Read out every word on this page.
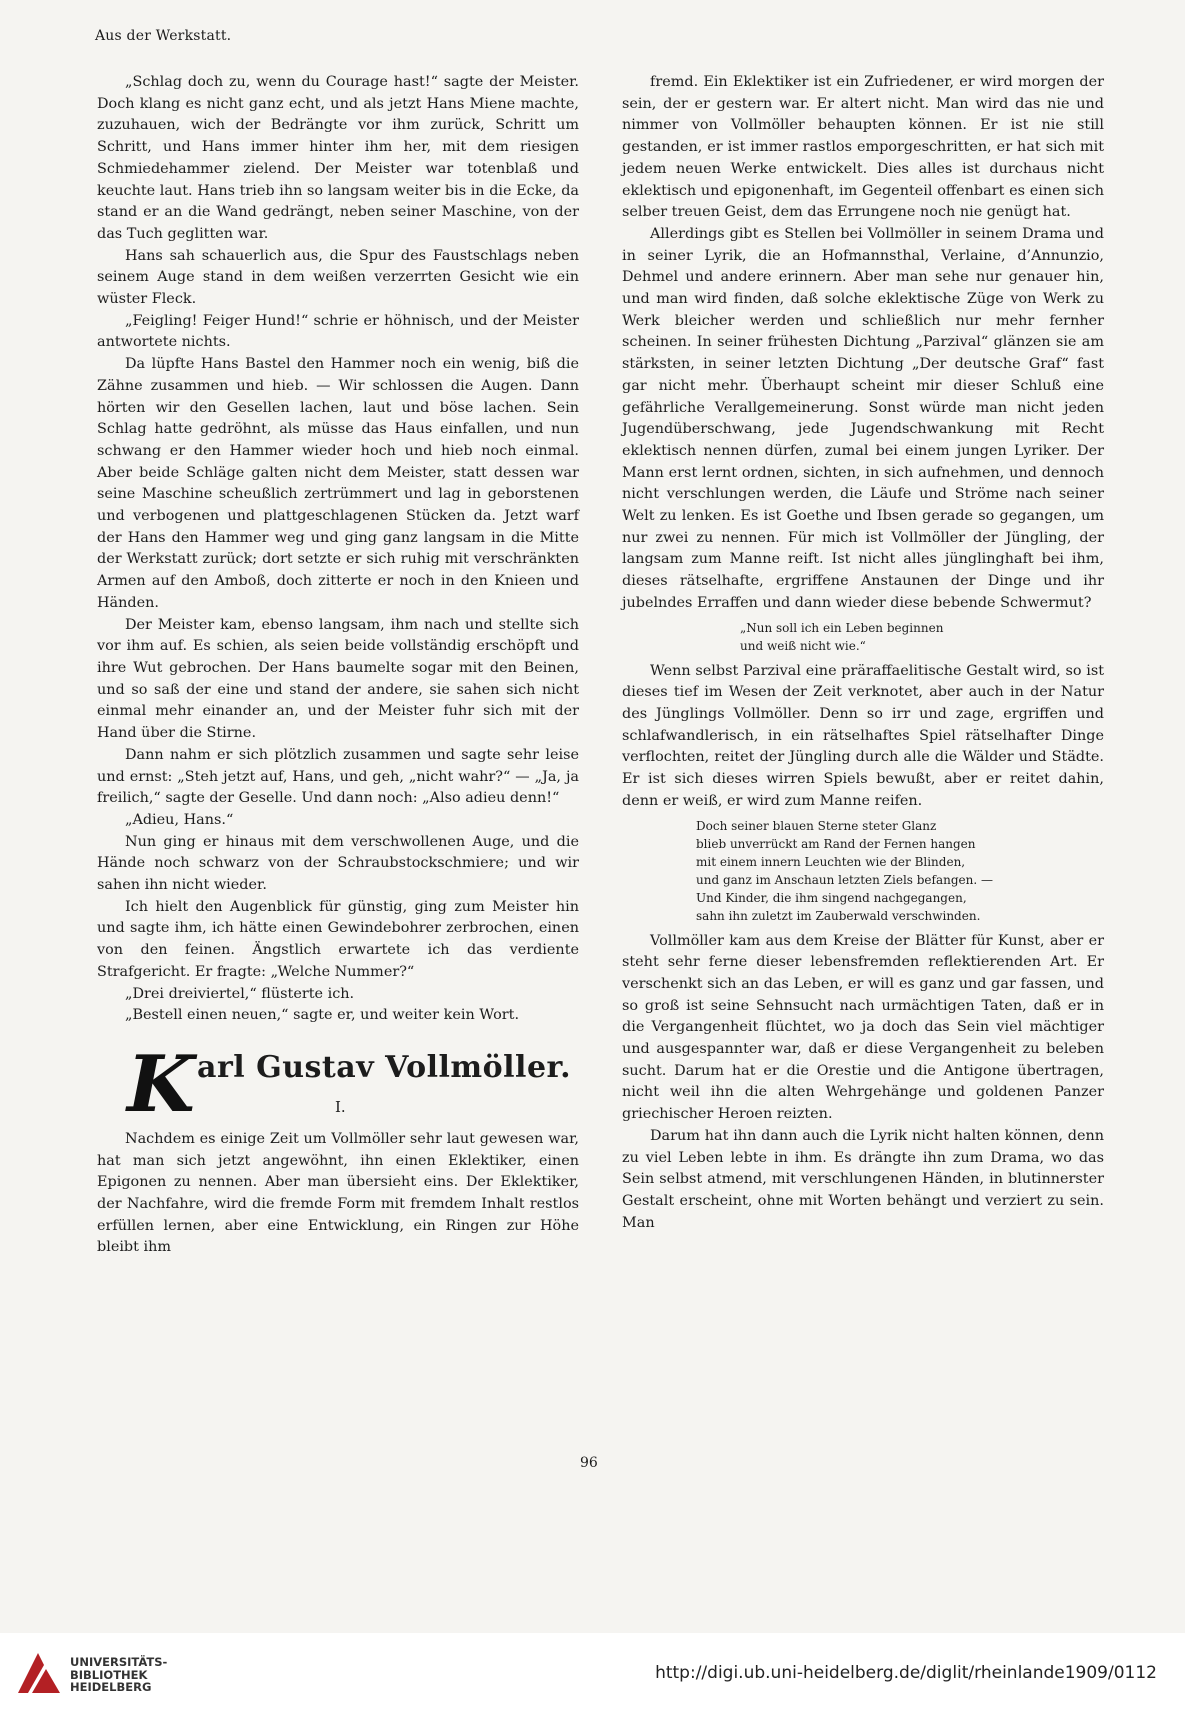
Aus der Werkstatt.

„Schlag doch zu, wenn du Courage hast!“ sagte der Meister. Doch klang es nicht ganz echt, und als jetzt Hans Miene machte, zuzuhauen, wich der Bedrängte vor ihm zurück, Schritt um Schritt, und Hans immer hinter ihm her, mit dem riesigen Schmiedehammer zielend. Der Meister war totenblaß und keuchte laut. Hans trieb ihn so langsam weiter bis in die Ecke, da stand er an die Wand gedrängt, neben seiner Maschine, von der das Tuch geglitten war.

Hans sah schauerlich aus, die Spur des Faustschlags neben seinem Auge stand in dem weißen verzerrten Gesicht wie ein wüster Fleck.

„Feigling! Feiger Hund!“ schrie er höhnisch, und der Meister antwortete nichts.

Da lüpfte Hans Bastel den Hammer noch ein wenig, biß die Zähne zusammen und hieb. — Wir schlossen die Augen. Dann hörten wir den Gesellen lachen, laut und böse lachen. Sein Schlag hatte gedröhnt, als müsse das Haus einfallen, und nun schwang er den Hammer wieder hoch und hieb noch einmal. Aber beide Schläge galten nicht dem Meister, statt dessen war seine Maschine scheußlich zertrümmert und lag in geborstenen und verbogenen und plattgeschlagenen Stücken da. Jetzt warf der Hans den Hammer weg und ging ganz langsam in die Mitte der Werkstatt zurück; dort setzte er sich ruhig mit verschränkten Armen auf den Amboß, doch zitterte er noch in den Knieen und Händen.

Der Meister kam, ebenso langsam, ihm nach und stellte sich vor ihm auf. Es schien, als seien beide vollständig erschöpft und ihre Wut gebrochen. Der Hans baumelte sogar mit den Beinen, und so saß der eine und stand der andere, sie sahen sich nicht einmal mehr einander an, und der Meister fuhr sich mit der Hand über die Stirne.

Dann nahm er sich plötzlich zusammen und sagte sehr leise und ernst: „Steh jetzt auf, Hans, und geh, „nicht wahr?“ — „Ja, ja freilich,“ sagte der Geselle. Und dann noch: „Also adieu denn!“

„Adieu, Hans.“

Nun ging er hinaus mit dem verschwollenen Auge, und die Hände noch schwarz von der Schraubstockschmiere; und wir sahen ihn nicht wieder.

Ich hielt den Augenblick für günstig, ging zum Meister hin und sagte ihm, ich hätte einen Gewindebohrer zerbrochen, einen von den feinen. Ängstlich erwartete ich das verdiente Strafgericht. Er fragte: „Welche Nummer?“

„Drei dreiviertel,“ flüsterte ich.

„Bestell einen neuen,“ sagte er, und weiter kein Wort.

K arl Gustav Vollmöller.
I.

Nachdem es einige Zeit um Vollmöller sehr laut gewesen war, hat man sich jetzt angewöhnt, ihn einen Eklektiker, einen Epigonen zu nennen. Aber man übersieht eins. Der Eklektiker, der Nachfahre, wird die fremde Form mit fremdem Inhalt restlos erfüllen lernen, aber eine Entwicklung, ein Ringen zur Höhe bleibt ihm

fremd. Ein Eklektiker ist ein Zufriedener, er wird morgen der sein, der er gestern war. Er altert nicht. Man wird das nie und nimmer von Vollmöller behaupten können. Er ist nie still gestanden, er ist immer rastlos emporgeschritten, er hat sich mit jedem neuen Werke entwickelt. Dies alles ist durchaus nicht eklektisch und epigonenhaft, im Gegenteil offenbart es einen sich selber treuen Geist, dem das Errungene noch nie genügt hat.

Allerdings gibt es Stellen bei Vollmöller in seinem Drama und in seiner Lyrik, die an Hofmannsthal, Verlaine, d’Annunzio, Dehmel und andere erinnern. Aber man sehe nur genauer hin, und man wird finden, daß solche eklektische Züge von Werk zu Werk bleicher werden und schließlich nur mehr fernher scheinen. In seiner frühesten Dichtung „Parzival“ glänzen sie am stärksten, in seiner letzten Dichtung „Der deutsche Graf“ fast gar nicht mehr. Überhaupt scheint mir dieser Schluß eine gefährliche Verallgemeinerung. Sonst würde man nicht jeden Jugendüberschwang, jede Jugendschwankung mit Recht eklektisch nennen dürfen, zumal bei einem jungen Lyriker. Der Mann erst lernt ordnen, sichten, in sich aufnehmen, und dennoch nicht verschlungen werden, die Läufe und Ströme nach seiner Welt zu lenken. Es ist Goethe und Ibsen gerade so gegangen, um nur zwei zu nennen. Für mich ist Vollmöller der Jüngling, der langsam zum Manne reift. Ist nicht alles jünglinghaft bei ihm, dieses rätselhafte, ergriffene Anstaunen der Dinge und ihr jubelndes Erraffen und dann wieder diese bebende Schwermut?

„Nun soll ich ein Leben beginnen
und weiß nicht wie.“

Wenn selbst Parzival eine präraffaelitische Gestalt wird, so ist dieses tief im Wesen der Zeit verknotet, aber auch in der Natur des Jünglings Vollmöller. Denn so irr und zage, ergriffen und schlafwandlerisch, in ein rätselhaftes Spiel rätselhafter Dinge verflochten, reitet der Jüngling durch alle die Wälder und Städte. Er ist sich dieses wirren Spiels bewußt, aber er reitet dahin, denn er weiß, er wird zum Manne reifen.

Doch seiner blauen Sterne steter Glanz
blieb unverrückt am Rand der Fernen hangen
mit einem innern Leuchten wie der Blinden,
und ganz im Anschaun letzten Ziels befangen. —
Und Kinder, die ihm singend nachgegangen,
sahn ihn zuletzt im Zauberwald verschwinden.

Vollmöller kam aus dem Kreise der Blätter für Kunst, aber er steht sehr ferne dieser lebensfremden reflektierenden Art. Er verschenkt sich an das Leben, er will es ganz und gar fassen, und so groß ist seine Sehnsucht nach urmächtigen Taten, daß er in die Vergangenheit flüchtet, wo ja doch das Sein viel mächtiger und ausgespannter war, daß er diese Vergangenheit zu beleben sucht. Darum hat er die Orestie und die Antigone übertragen, nicht weil ihn die alten Wehrgehänge und goldenen Panzer griechischer Heroen reizten.

Darum hat ihn dann auch die Lyrik nicht halten können, denn zu viel Leben lebte in ihm. Es drängte ihn zum Drama, wo das Sein selbst atmend, mit verschlungenen Händen, in blutinnerster Gestalt erscheint, ohne mit Worten behängt und verziert zu sein. Man

96
UNIVERSITÄTS-
BIBLIOTHEK
HEIDELBERG
http://digi.ub.uni-heidelberg.de/diglit/rheinlande1909/0112
